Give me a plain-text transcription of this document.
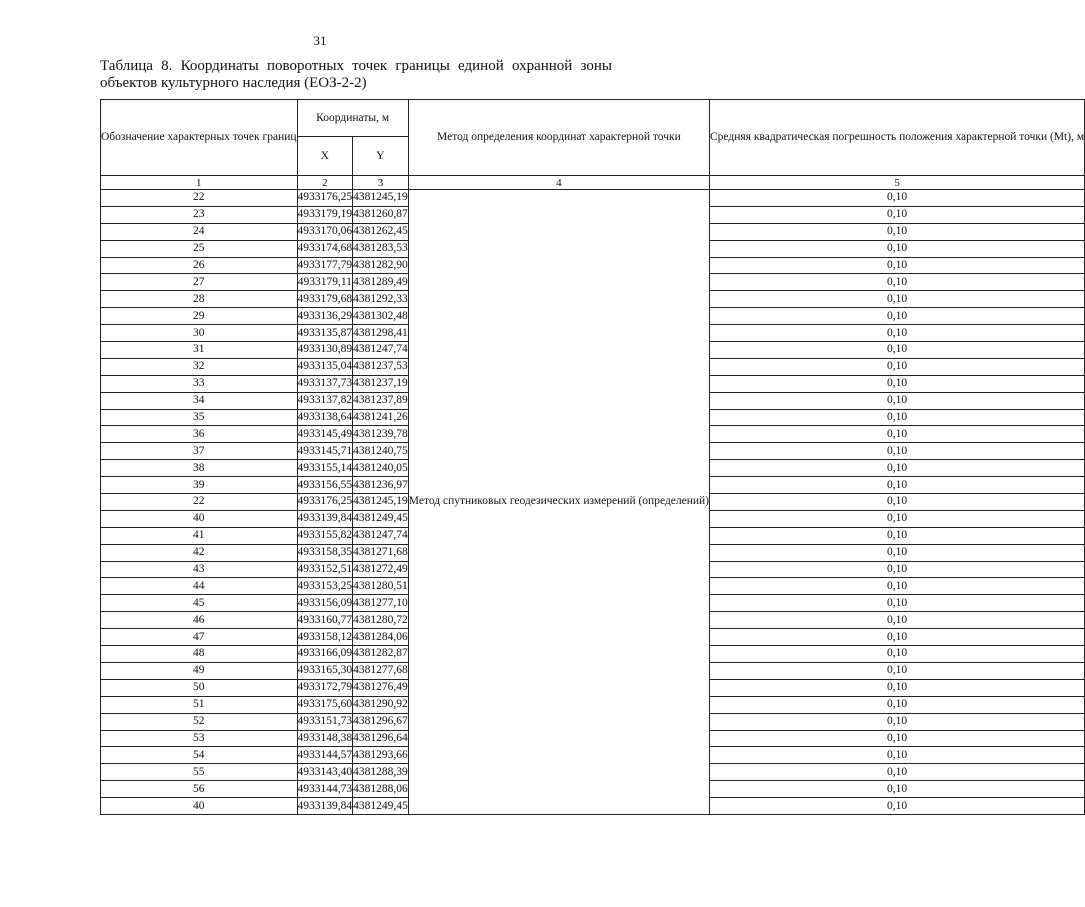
31
Таблица 8. Координаты поворотных точек границы единой охранной зоны объектов культурного наследия (ЕОЗ-2-2)
Обозначение характерных точек границ	Координаты, м		Метод определения координат характерной точки	Средняя квадратическая погрешность положения характерной точки (Mt), м
	X	Y		
1	2	3	4	5
22	4933176,25	4381245,19	Метод спутниковых геодезических измерений (определений)	0,10
23	4933179,19	4381260,87		0,10
24	4933170,06	4381262,45		0,10
25	4933174,68	4381283,53		0,10
26	4933177,79	4381282,90		0,10
27	4933179,11	4381289,49		0,10
28	4933179,68	4381292,33		0,10
29	4933136,29	4381302,48		0,10
30	4933135,87	4381298,41		0,10
31	4933130,89	4381247,74		0,10
32	4933135,04	4381237,53		0,10
33	4933137,73	4381237,19		0,10
34	4933137,82	4381237,89		0,10
35	4933138,64	4381241,26		0,10
36	4933145,49	4381239,78		0,10
37	4933145,71	4381240,75		0,10
38	4933155,14	4381240,05		0,10
39	4933156,55	4381236,97		0,10
22	4933176,25	4381245,19		0,10
40	4933139,84	4381249,45		0,10
41	4933155,82	4381247,74		0,10
42	4933158,35	4381271,68		0,10
43	4933152,51	4381272,49		0,10
44	4933153,25	4381280,51		0,10
45	4933156,09	4381277,10		0,10
46	4933160,77	4381280,72		0,10
47	4933158,12	4381284,06		0,10
48	4933166,09	4381282,87		0,10
49	4933165,30	4381277,68		0,10
50	4933172,79	4381276,49		0,10
51	4933175,60	4381290,92		0,10
52	4933151,73	4381296,67		0,10
53	4933148,38	4381296,64		0,10
54	4933144,57	4381293,66		0,10
55	4933143,40	4381288,39		0,10
56	4933144,73	4381288,06		0,10
40	4933139,84	4381249,45		0,10
